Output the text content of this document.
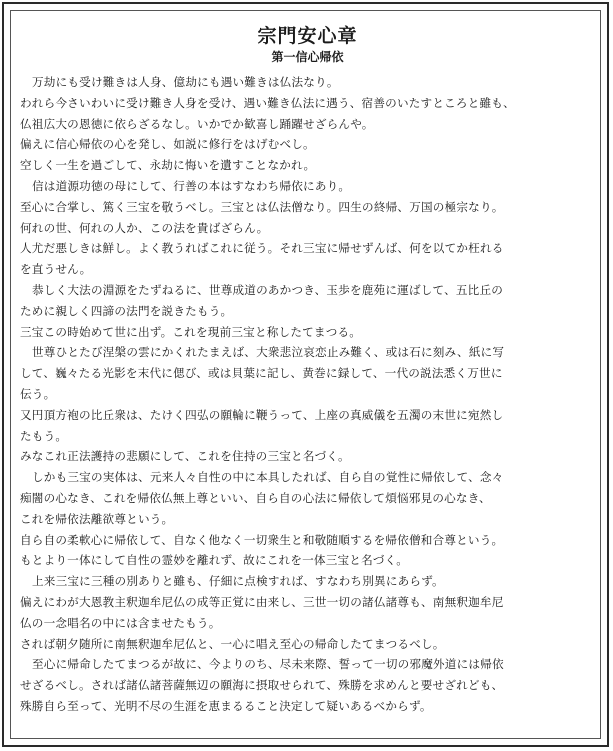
宗門安心章
第一信心帰依
万劫にも受け難きは人身、億劫にも遇い難きは仏法なり。
われら今さいわいに受け難き人身を受け、遇い難き仏法に遇う、宿善のいたすところと雖も、
仏祖広大の恩徳に依らざるなし。いかでか歓喜し踊躍せざらんや。
偏えに信心帰依の心を発し、如説に修行をはげむべし。
空しく一生を過ごして、永劫に悔いを遺すことなかれ。
信は道源功徳の母にして、行善の本はすなわち帰依にあり。
至心に合掌し、篤く三宝を敬うべし。三宝とは仏法僧なり。四生の終帰、万国の極宗なり。
何れの世、何れの人か、この法を貴ばざらん。
人尤だ悪しきは鮮し。よく教うればこれに従う。それ三宝に帰せずんば、何を以てか枉れる
を直うせん。
恭しく大法の淵源をたずねるに、世尊成道のあかつき、玉歩を鹿苑に運ばして、五比丘の
ために親しく四諦の法門を説きたもう。
三宝この時始めて世に出ず。これを現前三宝と称したてまつる。
世尊ひとたび涅槃の雲にかくれたまえば、大衆悲泣哀恋止み難く、或は石に刻み、紙に写
して、巍々たる光影を末代に偲び、或は貝葉に記し、黄巻に録して、一代の説法悉く万世に
伝う。
又円頂方袍の比丘衆は、たけく四弘の願輪に鞭うって、上座の真威儀を五濁の末世に宛然し
たもう。
みなこれ正法護持の悲願にして、これを住持の三宝と名づく。
しかも三宝の実体は、元来人々自性の中に本具したれば、自ら自の覚性に帰依して、念々
痴闇の心なき、これを帰依仏無上尊といい、自ら自の心法に帰依して煩悩邪見の心なき、
これを帰依法離欲尊という。
自ら自の柔軟心に帰依して、自なく他なく一切衆生と和敬随順するを帰依僧和合尊という。
もとより一体にして自性の霊妙を離れず、故にこれを一体三宝と名づく。
上来三宝に三種の別ありと雖も、仔細に点検すれば、すなわち別異にあらず。
偏えにわが大恩教主釈迦牟尼仏の成等正覚に由来し、三世一切の諸仏諸尊も、南無釈迦牟尼
仏の一念唱名の中には含ませたもう。
されば朝夕随所に南無釈迦牟尼仏と、一心に唱え至心の帰命したてまつるべし。
至心に帰命したてまつるが故に、今よりのち、尽未来際、誓って一切の邪魔外道には帰依
せざるべし。されば諸仏諸菩薩無辺の願海に摂取せられて、殊勝を求めんと要せざれども、
殊勝自ら至って、光明不尽の生涯を恵まるること決定して疑いあるべからず。
